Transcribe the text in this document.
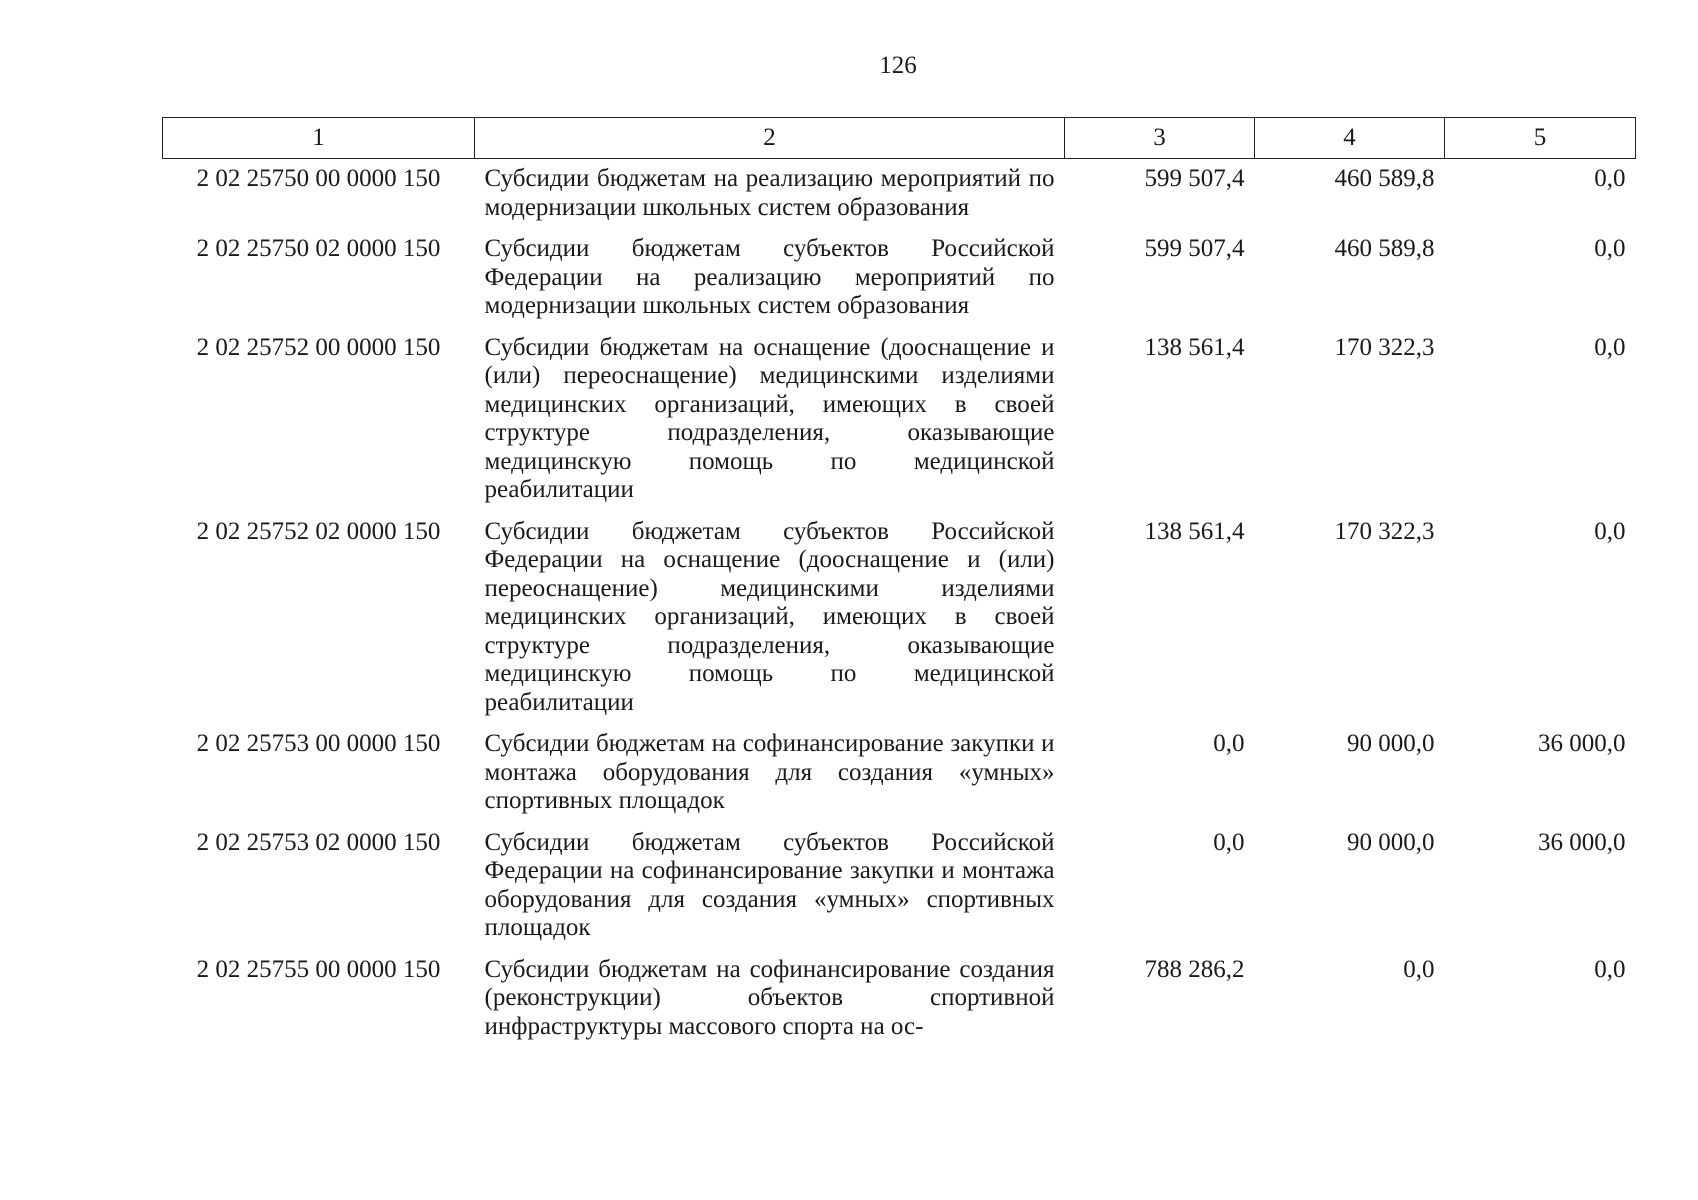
126
1	2	3	4	5
2 02 25750 00 0000 150	Субсидии бюджетам на реализацию мероприятий по модернизации школьных систем образования	599 507,4	460 589,8	0,0
2 02 25750 02 0000 150	Субсидии бюджетам субъектов Российской Федерации на реализацию мероприятий по модернизации школьных систем образования	599 507,4	460 589,8	0,0
2 02 25752 00 0000 150	Субсидии бюджетам на оснащение (дооснащение и (или) переоснащение) медицинскими изделиями медицинских организаций, имеющих в своей структуре подразделения, оказывающие медицинскую помощь по медицинской реабилитации	138 561,4	170 322,3	0,0
2 02 25752 02 0000 150	Субсидии бюджетам субъектов Российской Федерации на оснащение (дооснащение и (или) переоснащение) медицинскими изделиями медицинских организаций, имеющих в своей структуре подразделения, оказывающие медицинскую помощь по медицинской реабилитации	138 561,4	170 322,3	0,0
2 02 25753 00 0000 150	Субсидии бюджетам на софинансирование закупки и монтажа оборудования для создания «умных» спортивных площадок	0,0	90 000,0	36 000,0
2 02 25753 02 0000 150	Субсидии бюджетам субъектов Российской Федерации на софинансирование закупки и монтажа оборудования для создания «умных» спортивных площадок	0,0	90 000,0	36 000,0
2 02 25755 00 0000 150	Субсидии бюджетам на софинансирование создания (реконструкции) объектов спортивной инфраструктуры массового спорта на ос-	788 286,2	0,0	0,0
